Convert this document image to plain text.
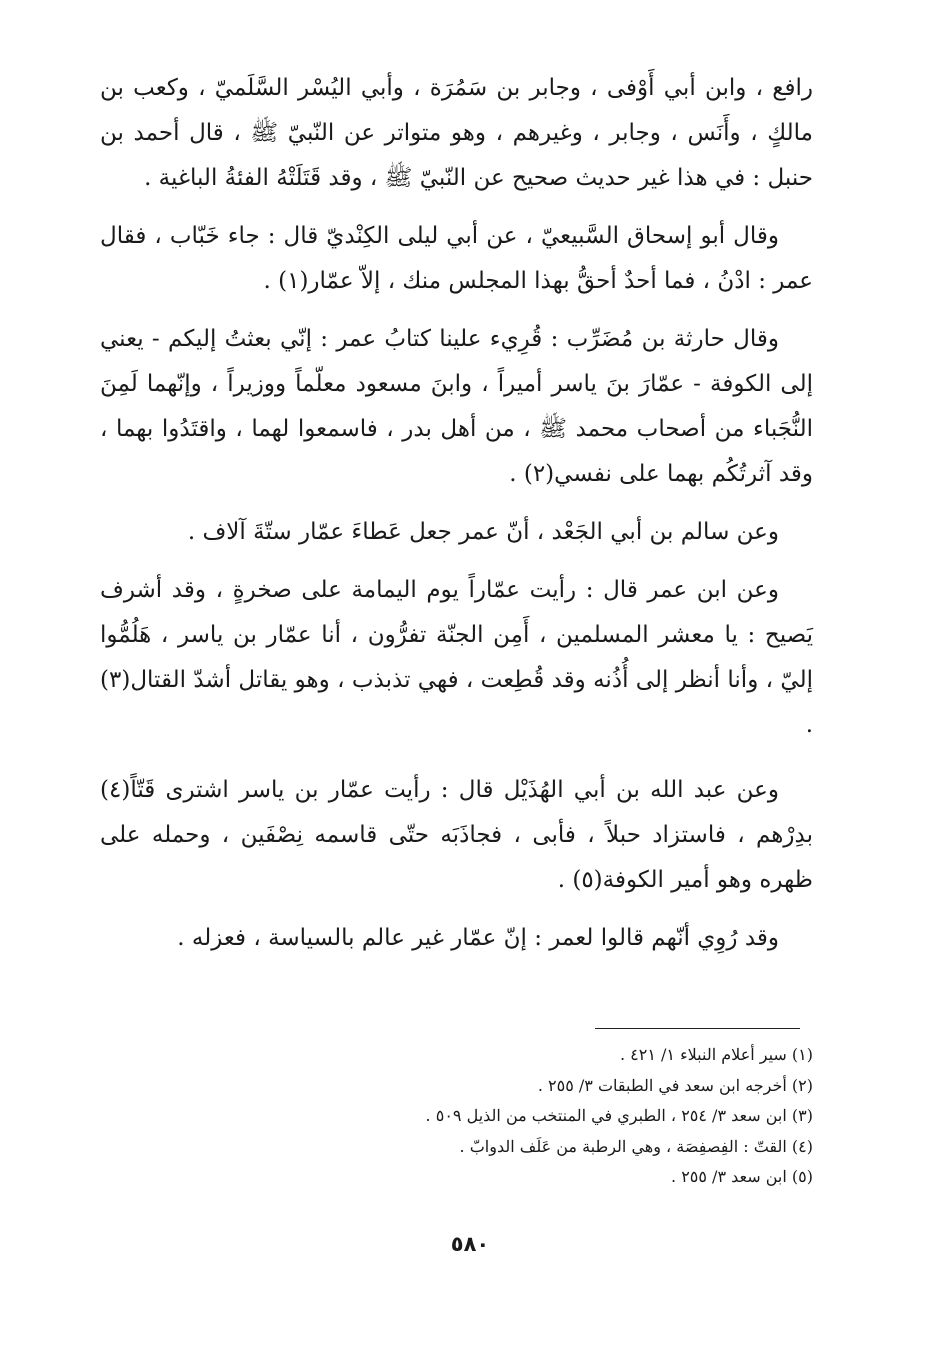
رافع ، وابن أبي أَوْفى ، وجابر بن سَمُرَة ، وأبي اليُسْر السَّلَميّ ، وكعب بن مالكٍ ، وأَنَس ، وجابر ، وغيرهم ، وهو متواتر عن النّبيّ ﷺ ، قال أحمد بن حنبل : في هذا غير حديث صحيح عن النّبيّ ﷺ ، وقد قَتَلَتْهُ الفئةُ الباغية .

وقال أبو إسحاق السَّبيعيّ ، عن أبي ليلى الكِنْديّ قال : جاء خَبّاب ، فقال عمر : ادْنُ ، فما أحدٌ أحقُّ بهذا المجلس منك ، إلاّ عمّار(١) .

وقال حارثة بن مُضَرِّب : قُرِيء علينا كتابُ عمر : إنّي بعثتُ إليكم - يعني إلى الكوفة - عمّارَ بنَ ياسر أميراً ، وابنَ مسعود معلّماً ووزيراً ، وإنّهما لَمِنَ النُّجَباء من أصحاب محمد ﷺ ، من أهل بدر ، فاسمعوا لهما ، واقتَدُوا بهما ، وقد آثرتُكُم بهما على نفسي(٢) .

وعن سالم بن أبي الجَعْد ، أنّ عمر جعل عَطاءَ عمّار ستّةَ آلاف .

وعن ابن عمر قال : رأيت عمّاراً يوم اليمامة على صخرةٍ ، وقد أشرف يَصيح : يا معشر المسلمين ، أَمِن الجنّة تفرُّون ، أنا عمّار بن ياسر ، هَلُمُّوا إليّ ، وأنا أنظر إلى أُذُنه وقد قُطِعت ، فهي تذبذب ، وهو يقاتل أشدّ القتال(٣) .

وعن عبد الله بن أبي الهُذَيْل قال : رأيت عمّار بن ياسر اشترى قَتّاً(٤) بدِرْهم ، فاستزاد حبلاً ، فأبى ، فجاذَبَه حتّى قاسمه نِصْفَين ، وحمله على ظهره وهو أمير الكوفة(٥) .

وقد رُوِي أنّهم قالوا لعمر : إنّ عمّار غير عالم بالسياسة ، فعزله .

(١) سير أعلام النبلاء ١/ ٤٢١ .
(٢) أخرجه ابن سعد في الطبقات ٣/ ٢٥٥ .
(٣) ابن سعد ٣/ ٢٥٤ ، الطبري في المنتخب من الذيل ٥٠٩ .
(٤) القتّ : الفِصفِصَة ، وهي الرطبة من عَلَف الدوابّ .
(٥) ابن سعد ٣/ ٢٥٥ .
٥٨٠
